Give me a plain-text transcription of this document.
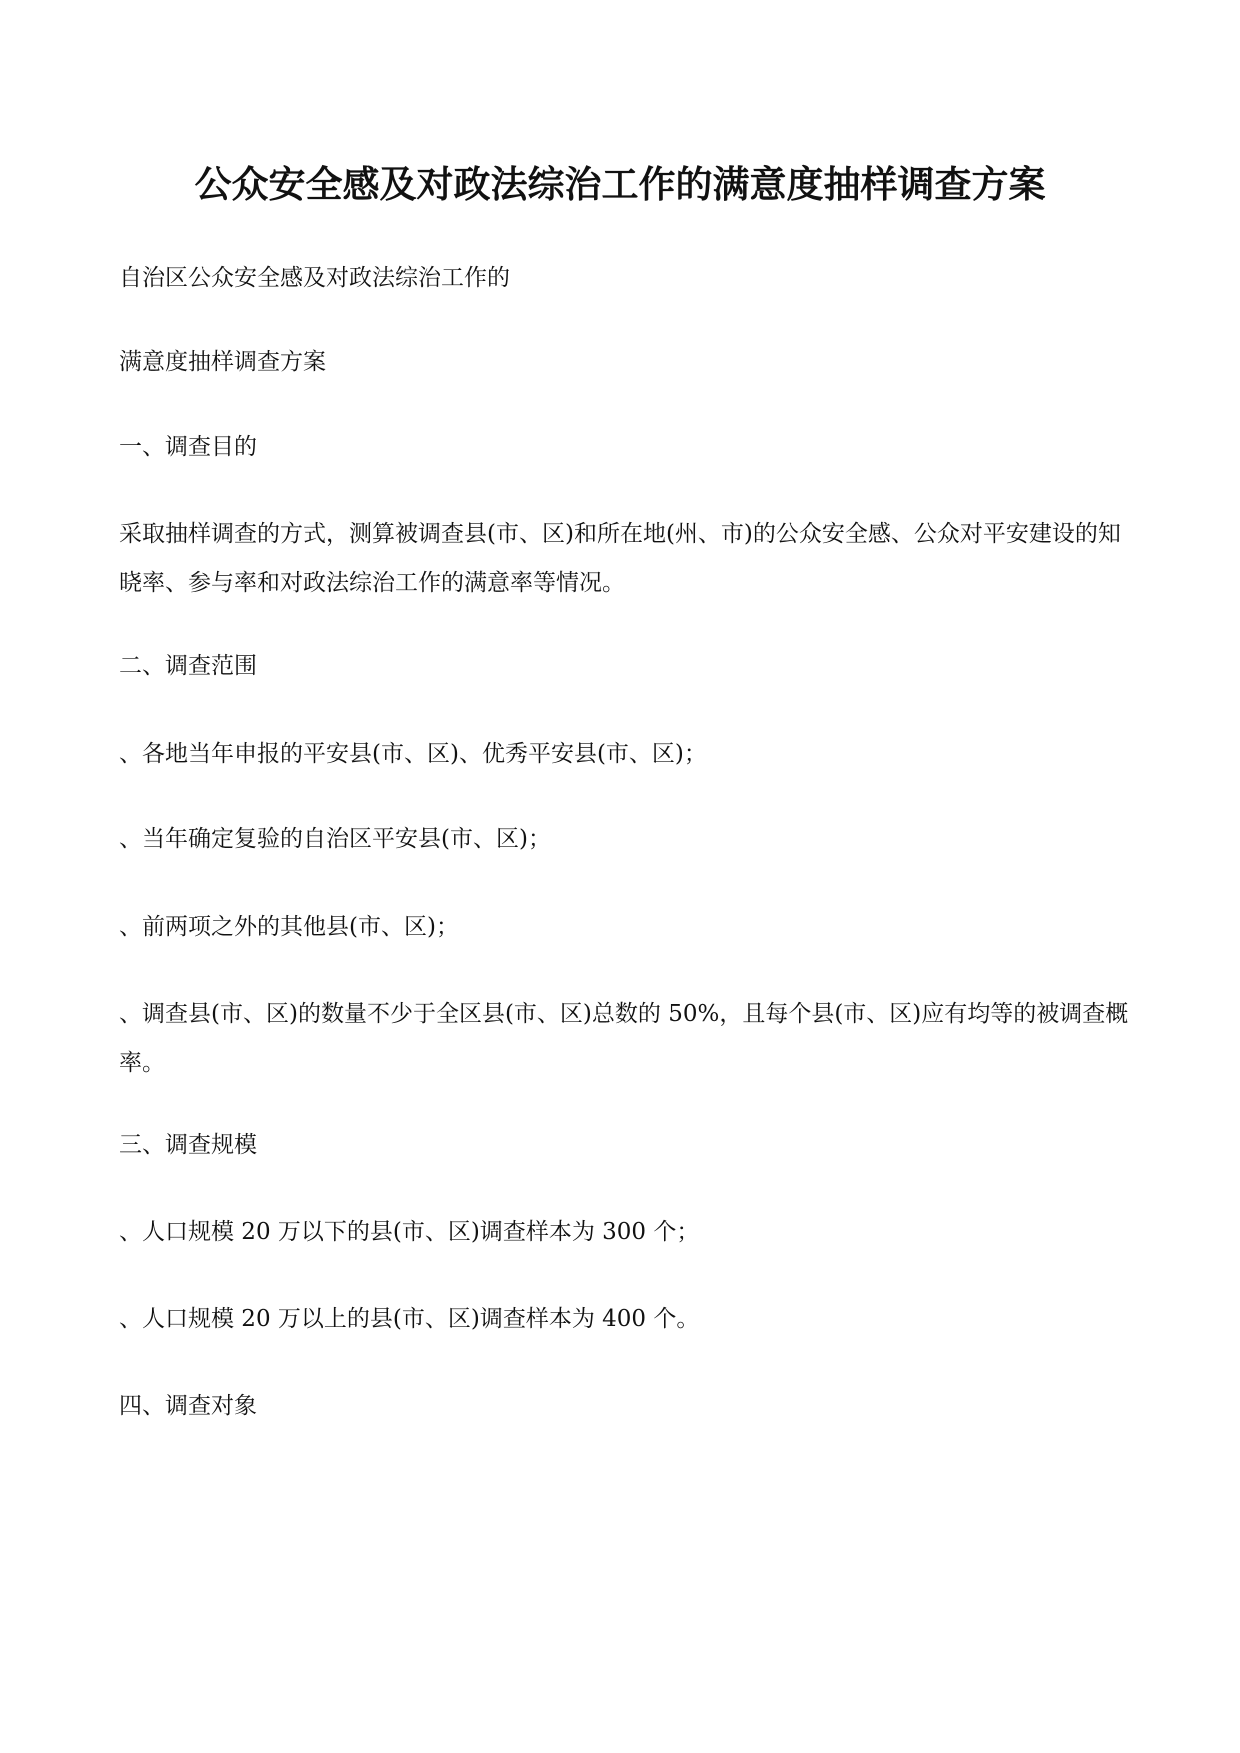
公众安全感及对政法综治工作的满意度抽样调查方案

自治区公众安全感及对政法综治工作的

满意度抽样调查方案

一、调查目的

采取抽样调查的方式，测算被调查县(市、区)和所在地(州、市)的公众安全感、公众对平安建设的知晓率、参与率和对政法综治工作的满意率等情况。

二、调查范围

、各地当年申报的平安县(市、区)、优秀平安县(市、区)；

、当年确定复验的自治区平安县(市、区)；

、前两项之外的其他县(市、区)；

、调查县(市、区)的数量不少于全区县(市、区)总数的 50%，且每个县(市、区)应有均等的被调查概率。

三、调查规模

、人口规模 20 万以下的县(市、区)调查样本为 300 个；

、人口规模 20 万以上的县(市、区)调查样本为 400 个。

四、调查对象
